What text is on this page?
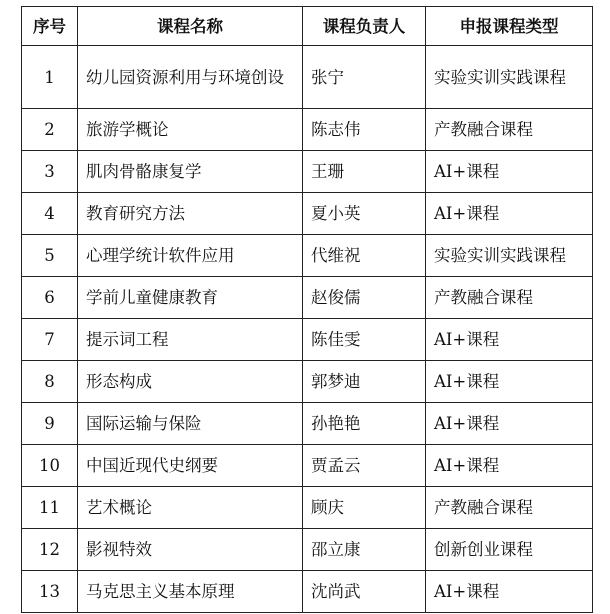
序号	课程名称	课程负责人	申报课程类型
1	幼儿园资源利用与环境创设	张宁	实验实训实践课程
2	旅游学概论	陈志伟	产教融合课程
3	肌肉骨骼康复学	王珊	AI+课程
4	教育研究方法	夏小英	AI+课程
5	心理学统计软件应用	代维祝	实验实训实践课程
6	学前儿童健康教育	赵俊儒	产教融合课程
7	提示词工程	陈佳雯	AI+课程
8	形态构成	郭梦迪	AI+课程
9	国际运输与保险	孙艳艳	AI+课程
10	中国近现代史纲要	贾孟云	AI+课程
11	艺术概论	顾庆	产教融合课程
12	影视特效	邵立康	创新创业课程
13	马克思主义基本原理	沈尚武	AI+课程
